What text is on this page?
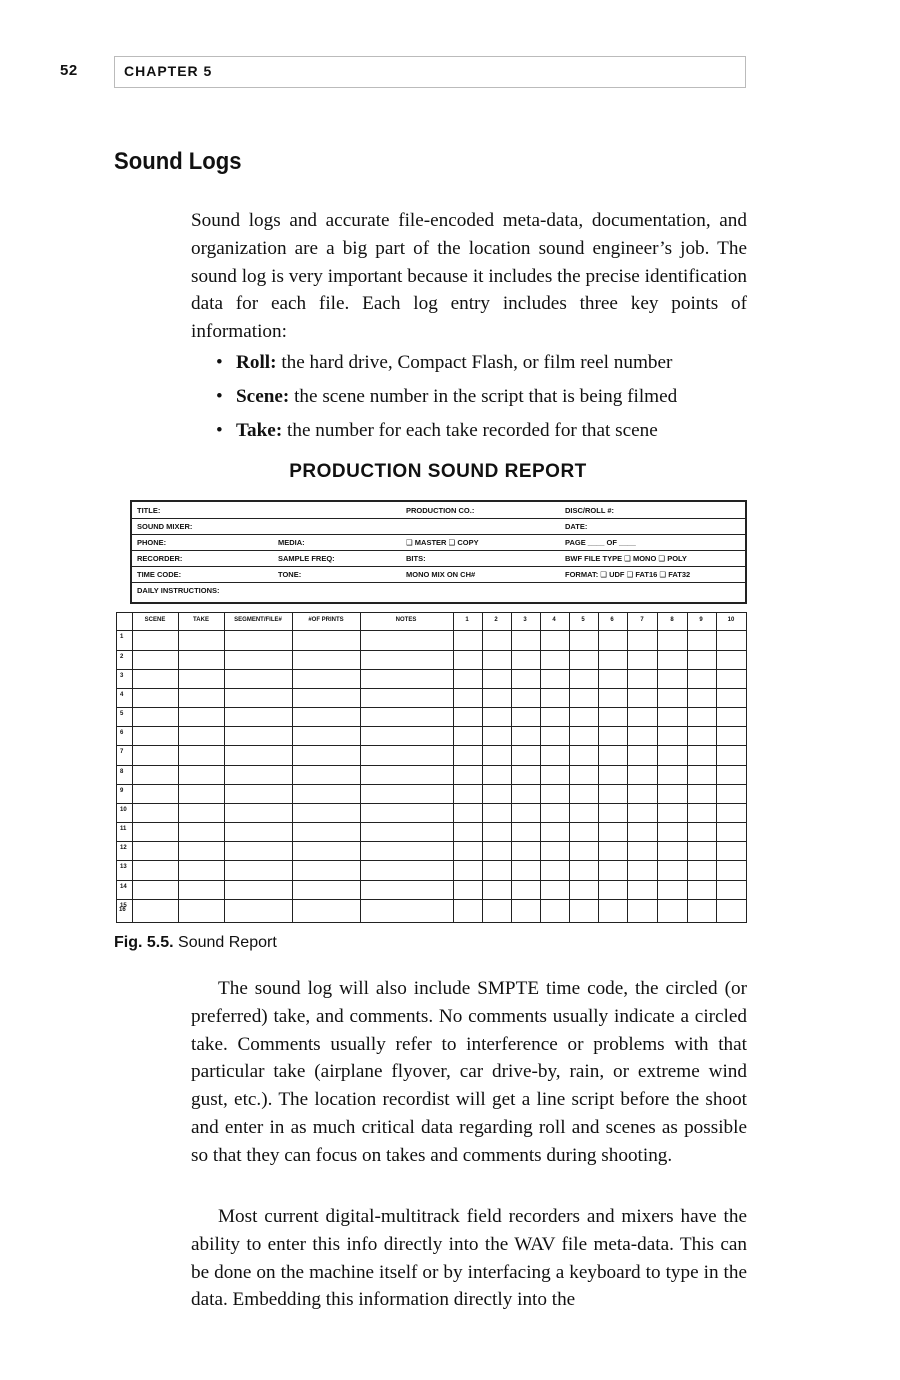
52	CHAPTER 5
Sound Logs
Sound logs and accurate file-encoded meta-data, documentation, and organization are a big part of the location sound engineer’s job. The sound log is very important because it includes the precise identification data for each file. Each log entry includes three key points of information:
• Roll: the hard drive, Compact Flash, or film reel number
• Scene: the scene number in the script that is being filmed
• Take: the number for each take recorded for that scene
PRODUCTION SOUND REPORT
TITLE:	PRODUCTION CO.:	DISC/ROLL #:
SOUND MIXER:	DATE:
PHONE:	MEDIA:	❑ MASTER ❑ COPY	PAGE ____ OF ____
RECORDER:	SAMPLE FREQ:	BITS:	BWF FILE TYPE ❑ MONO ❑ POLY
TIME CODE:	TONE:	MONO MIX ON CH#	FORMAT: ❑ UDF ❑ FAT16 ❑ FAT32
DAILY INSTRUCTIONS:
SCENE	TAKE	SEGMENT/FILE#	#OF PRINTS	NOTES	1	2	3	4	5	6	7	8	9	10
1
2
3
4
5
6
7
8
9
10
11
12
13
14
15
16
Fig. 5.5. Sound Report
The sound log will also include SMPTE time code, the circled (or preferred) take, and comments. No comments usually indicate a circled take. Comments usually refer to interference or problems with that particular take (airplane flyover, car drive-by, rain, or extreme wind gust, etc.). The location recordist will get a line script before the shoot and enter in as much critical data regarding roll and scenes as possible so that they can focus on takes and comments during shooting.
Most current digital-multitrack field recorders and mixers have the ability to enter this info directly into the WAV file meta-data. This can be done on the machine itself or by interfacing a keyboard to type in the data. Embedding this information directly into the
